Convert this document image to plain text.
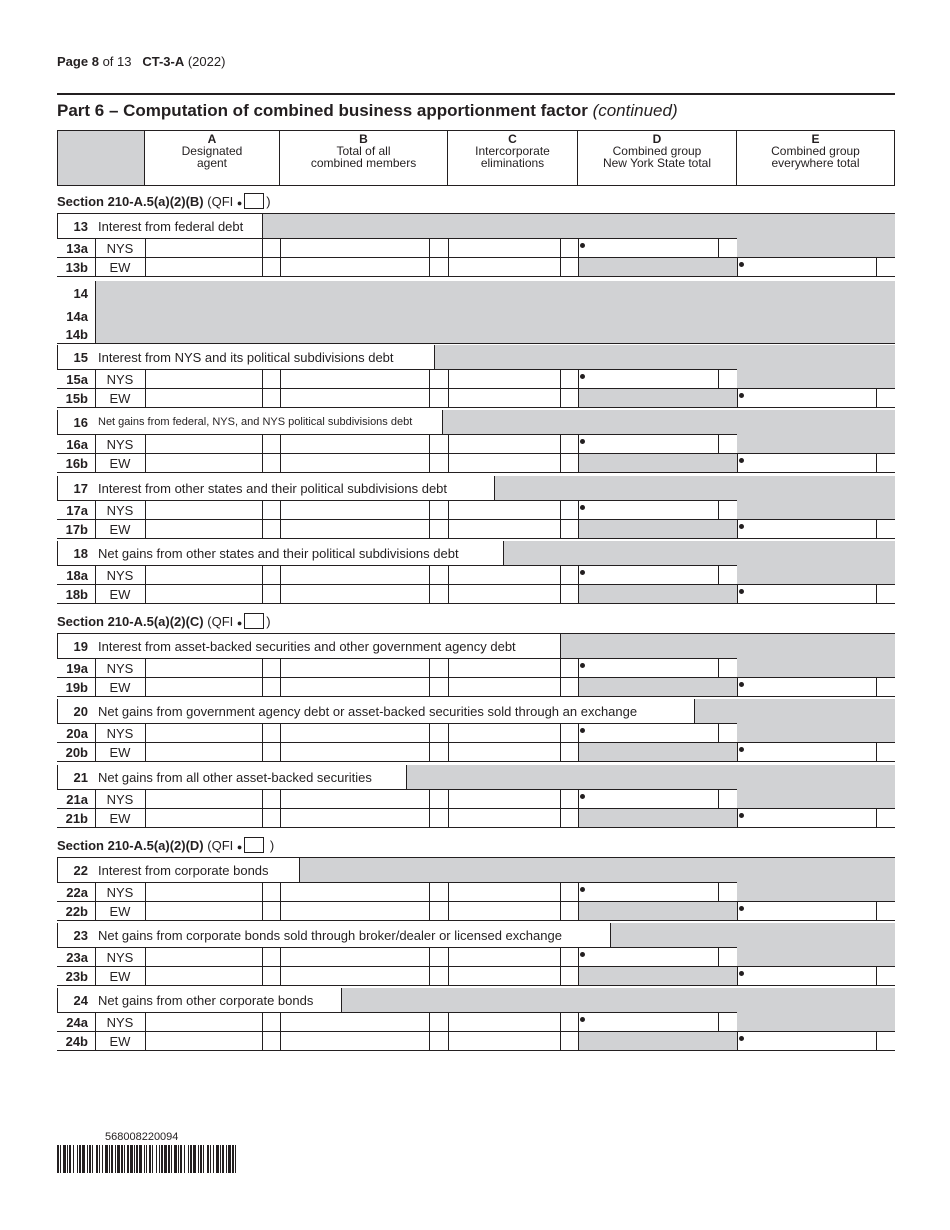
Page 8 of 13 CT-3-A (2022)
Part 6 – Computation of combined business apportionment factor (continued)
A
Designated
agent
B
Total of all
combined members
C
Intercorporate
eliminations
D
Combined group
New York State total
E
Combined group
everywhere total
Section 210-A.5(a)(2)(B) (QFI ● )
13 Interest from federal debt
13a	NYS
13b	EW
14
14a
14b
15 Interest from NYS and its political subdivisions debt
15a	NYS
15b	EW
16 Net gains from federal, NYS, and NYS political subdivisions debt
16a	NYS
16b	EW
17 Interest from other states and their political subdivisions debt
17a	NYS
17b	EW
18 Net gains from other states and their political subdivisions debt
18a	NYS
18b	EW
Section 210-A.5(a)(2)(C) (QFI ● )
19 Interest from asset-backed securities and other government agency debt
19a	NYS
19b	EW
20 Net gains from government agency debt or asset-backed securities sold through an exchange
20a	NYS
20b	EW
21 Net gains from all other asset-backed securities
21a	NYS
21b	EW
Section 210-A.5(a)(2)(D) (QFI ● )
22 Interest from corporate bonds
22a	NYS
22b	EW
23 Net gains from corporate bonds sold through broker/dealer or licensed exchange
23a	NYS
23b	EW
24 Net gains from other corporate bonds
24a	NYS
24b	EW
568008220094
